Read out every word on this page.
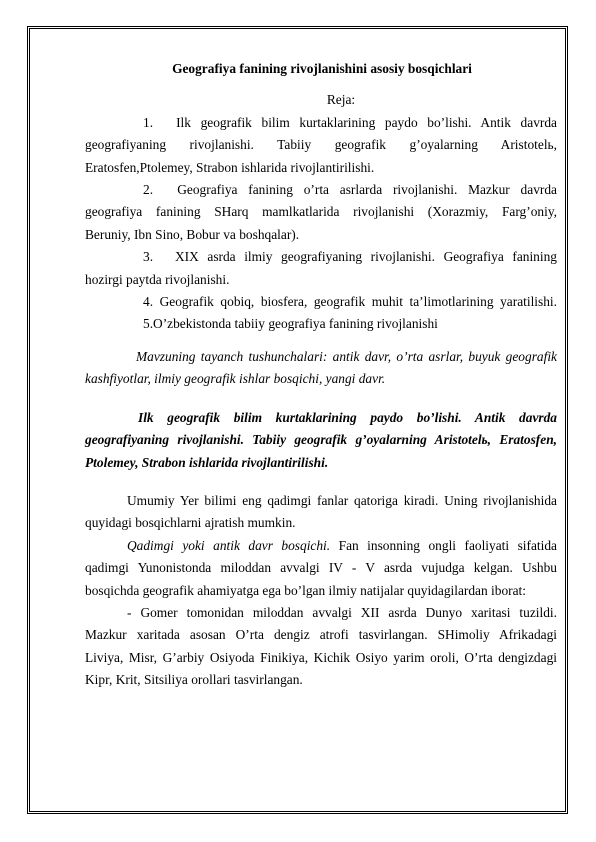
Geografiya fanining rivojlanishini asosiy bosqichlari
Reja:

1.  Ilk geografik bilim kurtaklarining paydo bo’lishi. Antik davrda

geografiyaning rivojlanishi. Tabiiy geografik g’oyalarning Aristotelь,

Eratosfen,Ptolemey, Strabon ishlarida rivojlantirilishi.

2.  Geografiya fanining o’rta asrlarda rivojlanishi. Mazkur davrda

geografiya fanining SHarq mamlkatlarida rivojlanishi (Xorazmiy, Farg’oniy,

Beruniy, Ibn Sino, Bobur va boshqalar).

3.  XIX asrda ilmiy geografiyaning rivojlanishi. Geografiya fanining

hozirgi paytda rivojlanishi.

4. Geografik qobiq, biosfera, geografik muhit ta’limotlarining yaratilishi.

5.O’zbekistonda tabiiy geografiya fanining rivojlanishi

Mavzuning tayanch tushunchalari: antik davr, o’rta asrlar, buyuk geografik

kashfiyotlar, ilmiy geografik ishlar bosqichi, yangi davr.

Ilk geografik bilim kurtaklarining paydo bo’lishi. Antik davrda

geografiyaning rivojlanishi. Tabiiy geografik g’oyalarning Aristotelь, Eratosfen,

Ptolemey, Strabon ishlarida rivojlantirilishi.

Umumiy Yer bilimi eng qadimgi fanlar qatoriga kiradi. Uning rivojlanishida

quyidagi bosqichlarni ajratish mumkin.

Qadimgi yoki antik davr bosqichi. Fan insonning ongli faoliyati sifatida

qadimgi Yunonistonda miloddan avvalgi IV - V asrda vujudga kelgan. Ushbu

bosqichda geografik ahamiyatga ega bo’lgan ilmiy natijalar quyidagilardan iborat:

- Gomer tomonidan miloddan avvalgi XII asrda Dunyo xaritasi tuzildi.

Mazkur xaritada asosan O’rta dengiz atrofi tasvirlangan. SHimoliy Afrikadagi

Liviya, Misr, G’arbiy Osiyoda Finikiya, Kichik Osiyo yarim oroli, O’rta dengizdagi

Kipr, Krit, Sitsiliya orollari tasvirlangan.
